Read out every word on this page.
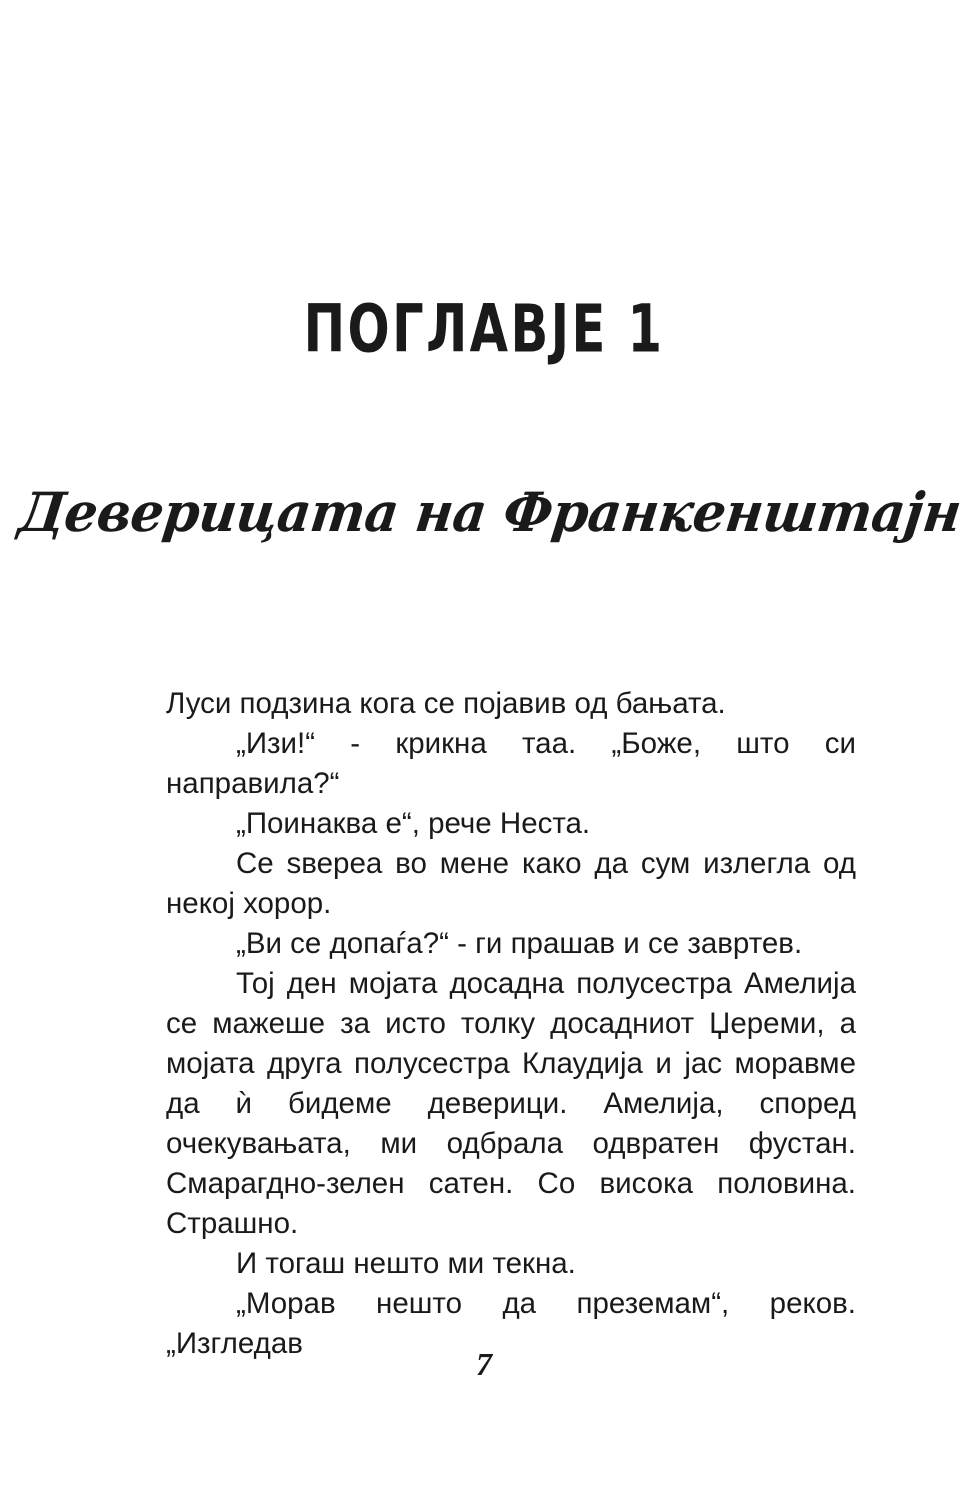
ПОГЛАВЈЕ 1
Деверицата на Франкенштајн

Луси подзина кога се појавив од бањата.

„Изи!“ - крикна таа. „Боже, што си направила?“

„Поинаква е“, рече Неста.

Се ѕвереа во мене како да сум излегла од некој хорор.

„Ви се допаѓа?“ - ги прашав и се завртев.

Тој ден мојата досадна полусестра Амелија се мажеше за исто толку досадниот Џереми, а мојата друга полусестра Клаудија и јас моравме да ѝ бидеме деверици. Амелија, според очекувањата, ми одбрала одвратен фустан. Смарагдно-зелен сатен. Со висока половина. Страшно.

И тогаш нешто ми текна.

„Морав нешто да преземам“, реков. „Изгледав

7
